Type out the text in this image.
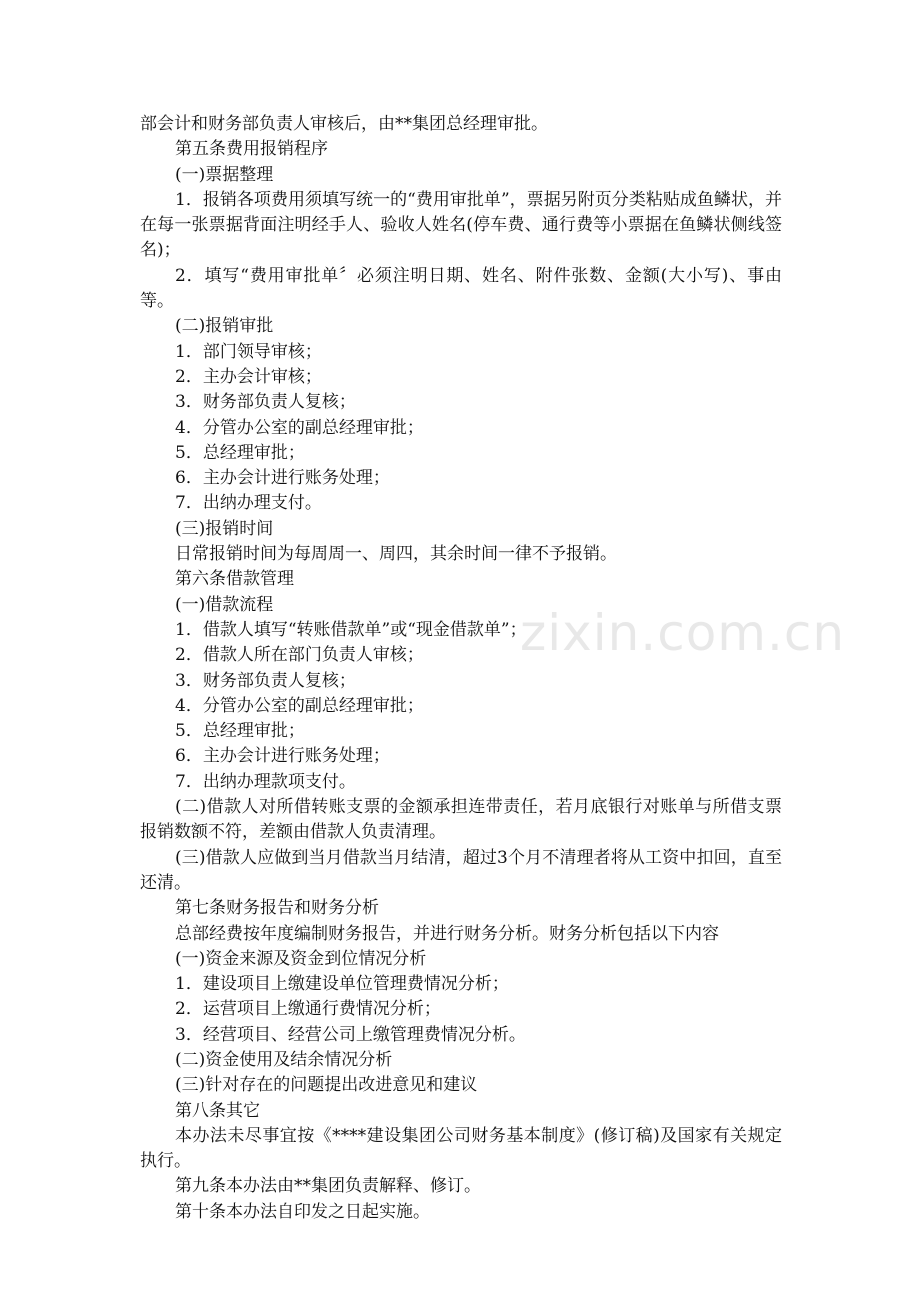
部会计和财务部负责人审核后，由**集团总经理审批。

第五条费用报销程序

(一)票据整理

1．报销各项费用须填写统一的“费用审批单”，票据另附页分类粘贴成鱼鳞状，并在每一张票据背面注明经手人、验收人姓名(停车费、通行费等小票据在鱼鳞状侧线签名)；

2．填写“费用审批单〞必须注明日期、姓名、附件张数、金额(大小写)、事由等。

(二)报销审批

1．部门领导审核；

2．主办会计审核；

3．财务部负责人复核；

4．分管办公室的副总经理审批；

5．总经理审批；

6．主办会计进行账务处理；

7．出纳办理支付。

(三)报销时间

日常报销时间为每周周一、周四，其余时间一律不予报销。

第六条借款管理

(一)借款流程

1．借款人填写“转账借款单”或“现金借款单”；

2．借款人所在部门负责人审核；

3．财务部负责人复核；

4．分管办公室的副总经理审批；

5．总经理审批；

6．主办会计进行账务处理；

7．出纳办理款项支付。

(二)借款人对所借转账支票的金额承担连带责任，若月底银行对账单与所借支票报销数额不符，差额由借款人负责清理。

(三)借款人应做到当月借款当月结清，超过3个月不清理者将从工资中扣回，直至还清。

第七条财务报告和财务分析

总部经费按年度编制财务报告，并进行财务分析。财务分析包括以下内容

(一)资金来源及资金到位情况分析

1．建设项目上缴建设单位管理费情况分析；

2．运营项目上缴通行费情况分析；

3．经营项目、经营公司上缴管理费情况分析。

(二)资金使用及结余情况分析

(三)针对存在的问题提出改进意见和建议

第八条其它

本办法未尽事宜按《****建设集团公司财务基本制度》(修订稿)及国家有关规定执行。

第九条本办法由**集团负责解释、修订。

第十条本办法自印发之日起实施。

zixin.com.cn
